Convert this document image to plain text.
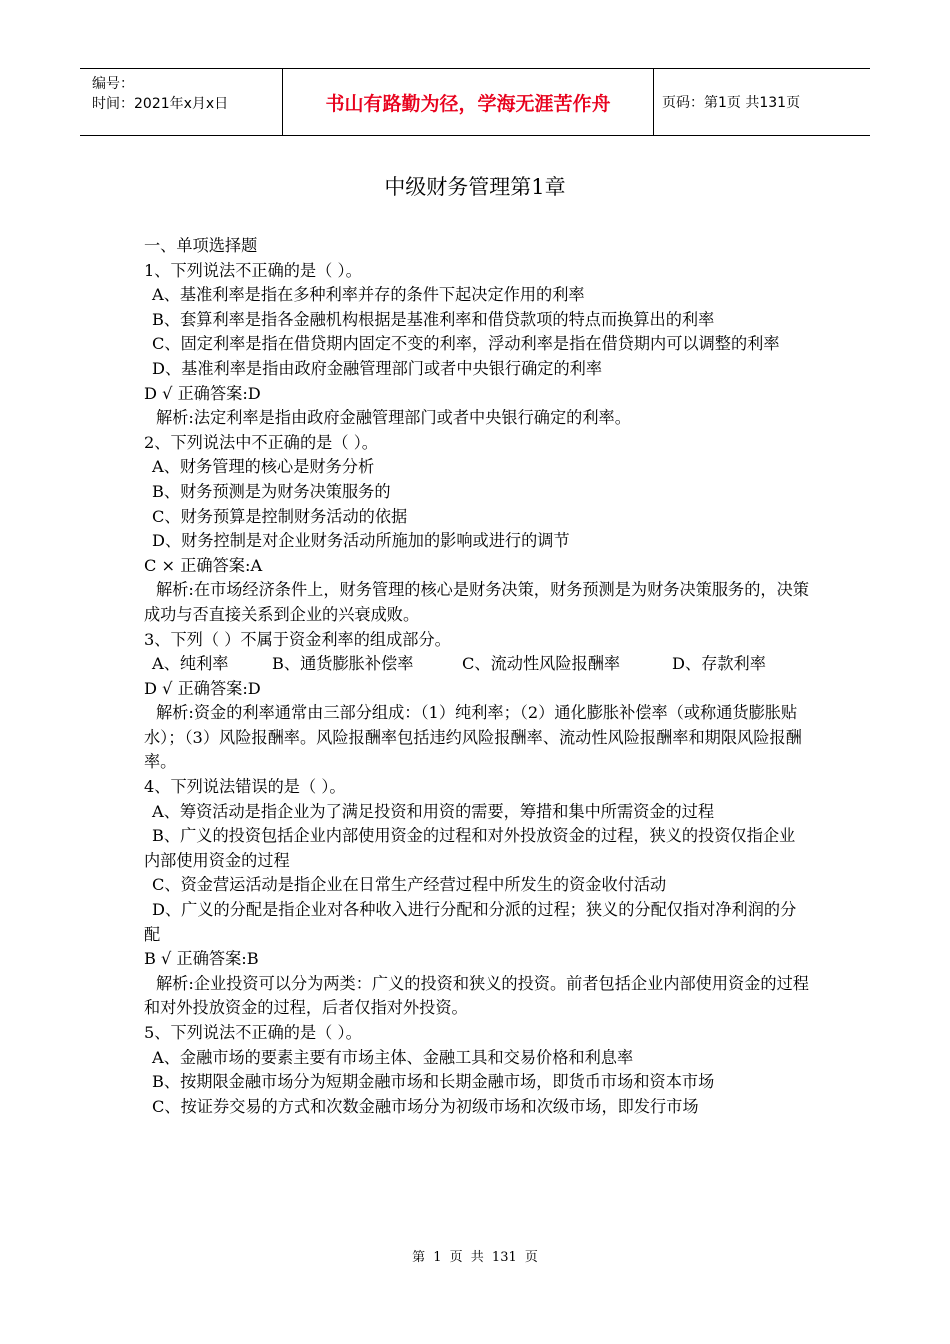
编号：
时间：2021年x月x日	书山有路勤为径，学海无涯苦作舟	页码：第1页 共131页
中级财务管理第1章
一、单项选择题
1、下列说法不正确的是（ ）。
A、基准利率是指在多种利率并存的条件下起决定作用的利率
B、套算利率是指各金融机构根据是基准利率和借贷款项的特点而换算出的利率
C、固定利率是指在借贷期内固定不变的利率，浮动利率是指在借贷期内可以调整的利率
D、基准利率是指由政府金融管理部门或者中央银行确定的利率
D √ 正确答案:D
解析:法定利率是指由政府金融管理部门或者中央银行确定的利率。
2、下列说法中不正确的是（ ）。
A、财务管理的核心是财务分析
B、财务预测是为财务决策服务的
C、财务预算是控制财务活动的依据
D、财务控制是对企业财务活动所施加的影响或进行的调节
C × 正确答案:A
解析:在市场经济条件上，财务管理的核心是财务决策，财务预测是为财务决策服务的，决策成功与否直接关系到企业的兴衰成败。
3、下列（ ）不属于资金利率的组成部分。
A、纯利率	B、通货膨胀补偿率	C、流动性风险报酬率	D、存款利率
D √ 正确答案:D
解析:资金的利率通常由三部分组成：（1）纯利率；（2）通化膨胀补偿率（或称通货膨胀贴水）；（3）风险报酬率。风险报酬率包括违约风险报酬率、流动性风险报酬率和期限风险报酬率。
4、下列说法错误的是（ ）。
A、筹资活动是指企业为了满足投资和用资的需要，筹措和集中所需资金的过程
B、广义的投资包括企业内部使用资金的过程和对外投放资金的过程，狭义的投资仅指企业内部使用资金的过程
C、资金营运活动是指企业在日常生产经营过程中所发生的资金收付活动
D、广义的分配是指企业对各种收入进行分配和分派的过程；狭义的分配仅指对净利润的分配
B √ 正确答案:B
解析:企业投资可以分为两类：广义的投资和狭义的投资。前者包括企业内部使用资金的过程和对外投放资金的过程，后者仅指对外投资。
5、下列说法不正确的是（ ）。
A、金融市场的要素主要有市场主体、金融工具和交易价格和利息率
B、按期限金融市场分为短期金融市场和长期金融市场，即货币市场和资本市场
C、按证券交易的方式和次数金融市场分为初级市场和次级市场，即发行市场
第 1 页 共 131 页
